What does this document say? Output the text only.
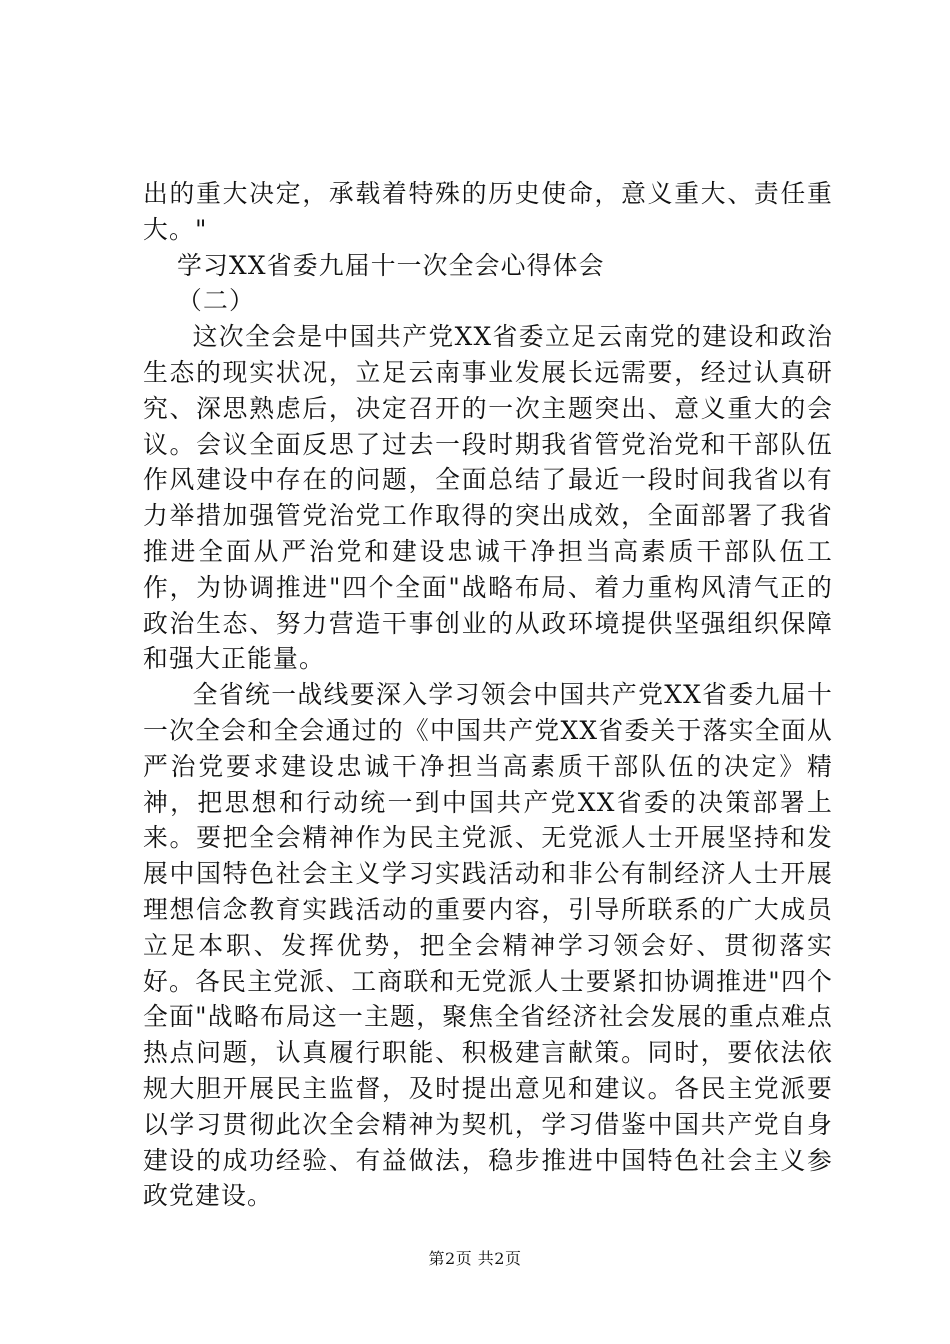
出的重大决定，承载着特殊的历史使命，意义重大、责任重大。"

学习XX省委九届十一次全会心得体会

（二）

这次全会是中国共产党XX省委立足云南党的建设和政治生态的现实状况，立足云南事业发展长远需要，经过认真研究、深思熟虑后，决定召开的一次主题突出、意义重大的会议。会议全面反思了过去一段时期我省管党治党和干部队伍作风建设中存在的问题，全面总结了最近一段时间我省以有力举措加强管党治党工作取得的突出成效，全面部署了我省推进全面从严治党和建设忠诚干净担当高素质干部队伍工作，为协调推进"四个全面"战略布局、着力重构风清气正的政治生态、努力营造干事创业的从政环境提供坚强组织保障和强大正能量。

全省统一战线要深入学习领会中国共产党XX省委九届十一次全会和全会通过的《中国共产党XX省委关于落实全面从严治党要求建设忠诚干净担当高素质干部队伍的决定》精神，把思想和行动统一到中国共产党XX省委的决策部署上来。要把全会精神作为民主党派、无党派人士开展坚持和发展中国特色社会主义学习实践活动和非公有制经济人士开展理想信念教育实践活动的重要内容，引导所联系的广大成员立足本职、发挥优势，把全会精神学习领会好、贯彻落实好。各民主党派、工商联和无党派人士要紧扣协调推进"四个全面"战略布局这一主题，聚焦全省经济社会发展的重点难点热点问题，认真履行职能、积极建言献策。同时，要依法依规大胆开展民主监督，及时提出意见和建议。各民主党派要以学习贯彻此次全会精神为契机，学习借鉴中国共产党自身建设的成功经验、有益做法，稳步推进中国特色社会主义参政党建设。

第2页 共2页
